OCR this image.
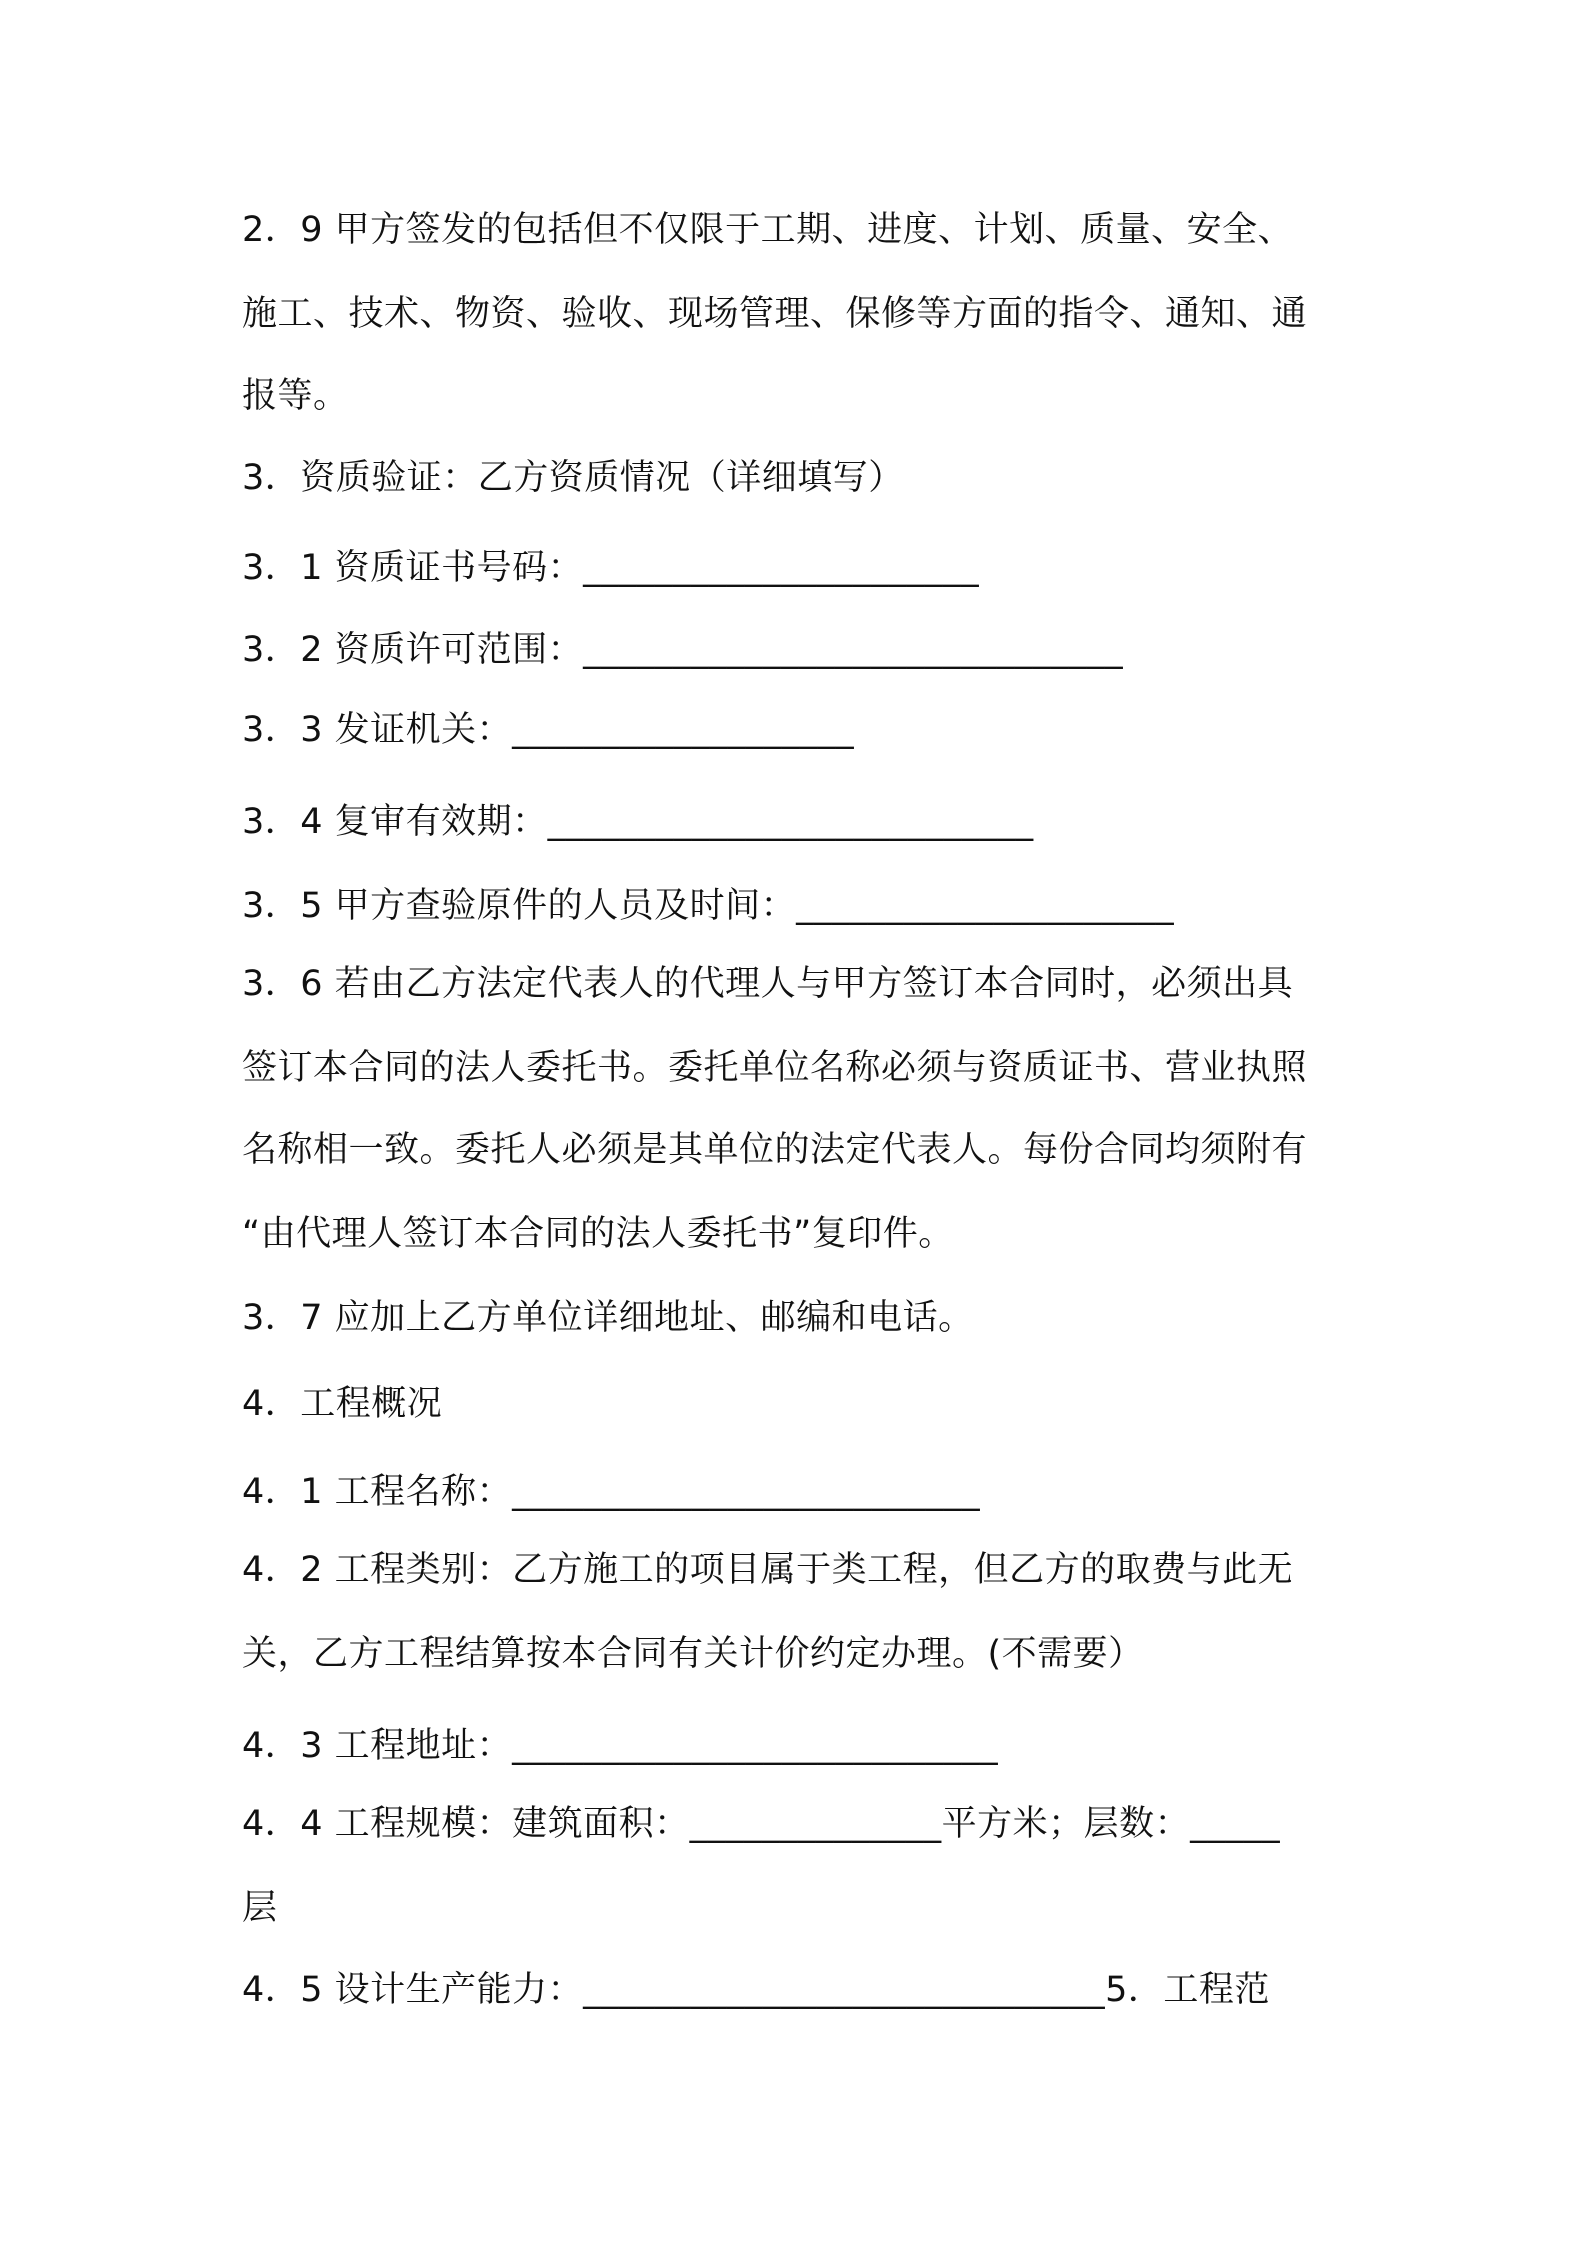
2．9 甲方签发的包括但不仅限于工期、进度、计划、质量、安全、
施工、技术、物资、验收、现场管理、保修等方面的指令、通知、通
报等。
3．资质验证：乙方资质情况（详细填写）
3．1 资质证书号码：______________________
3．2 资质许可范围：______________________________
3．3 发证机关：___________________
3．4 复审有效期：___________________________
3．5 甲方查验原件的人员及时间：_____________________
3．6 若由乙方法定代表人的代理人与甲方签订本合同时，必须出具
签订本合同的法人委托书。委托单位名称必须与资质证书、营业执照
名称相一致。委托人必须是其单位的法定代表人。每份合同均须附有
“由代理人签订本合同的法人委托书”复印件。
3．7 应加上乙方单位详细地址、邮编和电话。
4．工程概况
4．1 工程名称：__________________________
4．2 工程类别：乙方施工的项目属于类工程，但乙方的取费与此无
关，乙方工程结算按本合同有关计价约定办理。(不需要）
4．3 工程地址：___________________________
4．4 工程规模：建筑面积：______________平方米；层数：_____
层
4．5 设计生产能力：_____________________________5．工程范
